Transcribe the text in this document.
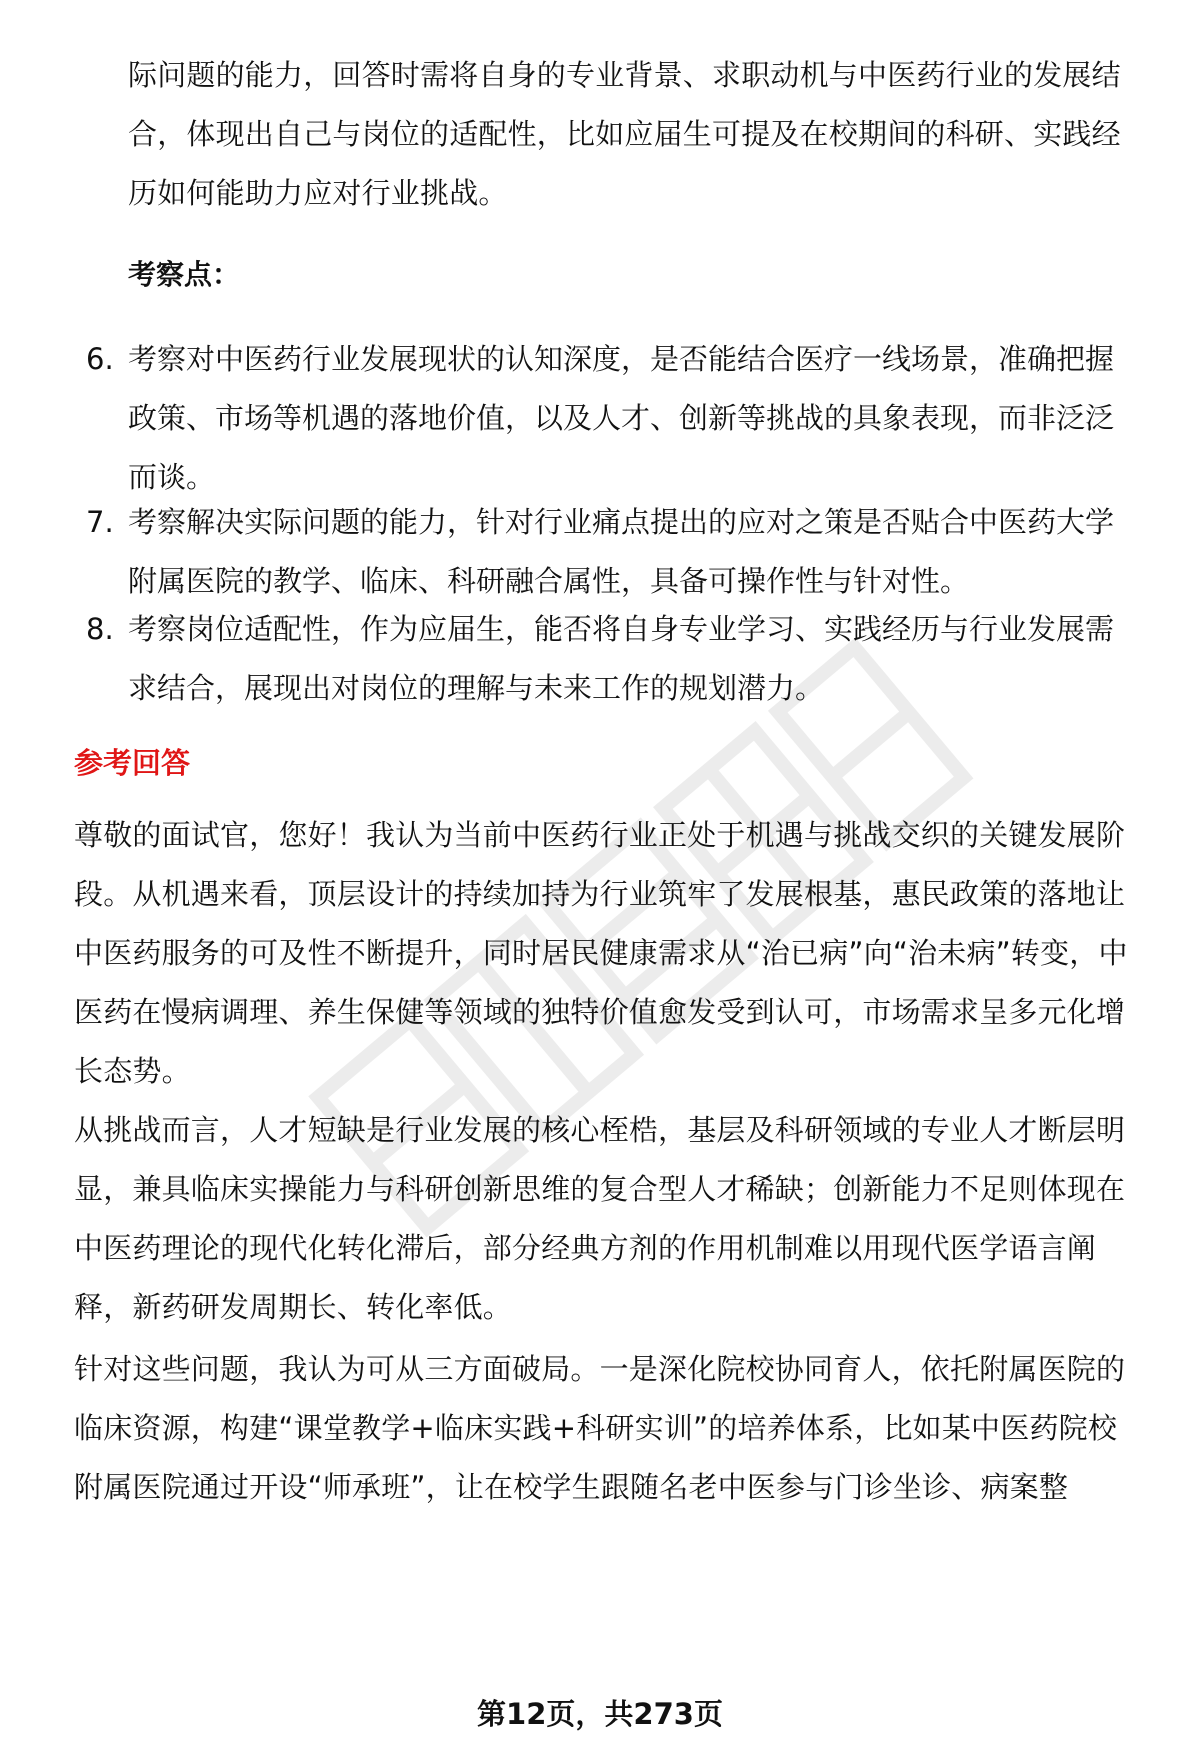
际问题的能力，回答时需将自身的专业背景、求职动机与中医药行业的发展结合，体现出自己与岗位的适配性，比如应届生可提及在校期间的科研、实践经历如何能助力应对行业挑战。

考察点：
6. 考察对中医药行业发展现状的认知深度，是否能结合医疗一线场景，准确把握政策、市场等机遇的落地价值，以及人才、创新等挑战的具象表现，而非泛泛而谈。
7. 考察解决实际问题的能力，针对行业痛点提出的应对之策是否贴合中医药大学附属医院的教学、临床、科研融合属性，具备可操作性与针对性。
8. 考察岗位适配性，作为应届生，能否将自身专业学习、实践经历与行业发展需求结合，展现出对岗位的理解与未来工作的规划潜力。
参考回答

尊敬的面试官，您好！我认为当前中医药行业正处于机遇与挑战交织的关键发展阶段。从机遇来看，顶层设计的持续加持为行业筑牢了发展根基，惠民政策的落地让中医药服务的可及性不断提升，同时居民健康需求从“治已病”向“治未病”转变，中医药在慢病调理、养生保健等领域的独特价值愈发受到认可，市场需求呈多元化增长态势。

从挑战而言，人才短缺是行业发展的核心桎梏，基层及科研领域的专业人才断层明显，兼具临床实操能力与科研创新思维的复合型人才稀缺；创新能力不足则体现在中医药理论的现代化转化滞后，部分经典方剂的作用机制难以用现代医学语言阐释，新药研发周期长、转化率低。

针对这些问题，我认为可从三方面破局。一是深化院校协同育人，依托附属医院的临床资源，构建“课堂教学+临床实践+科研实训”的培养体系，比如某中医药院校附属医院通过开设“师承班”，让在校学生跟随名老中医参与门诊坐诊、病案整

第12页，共273页
